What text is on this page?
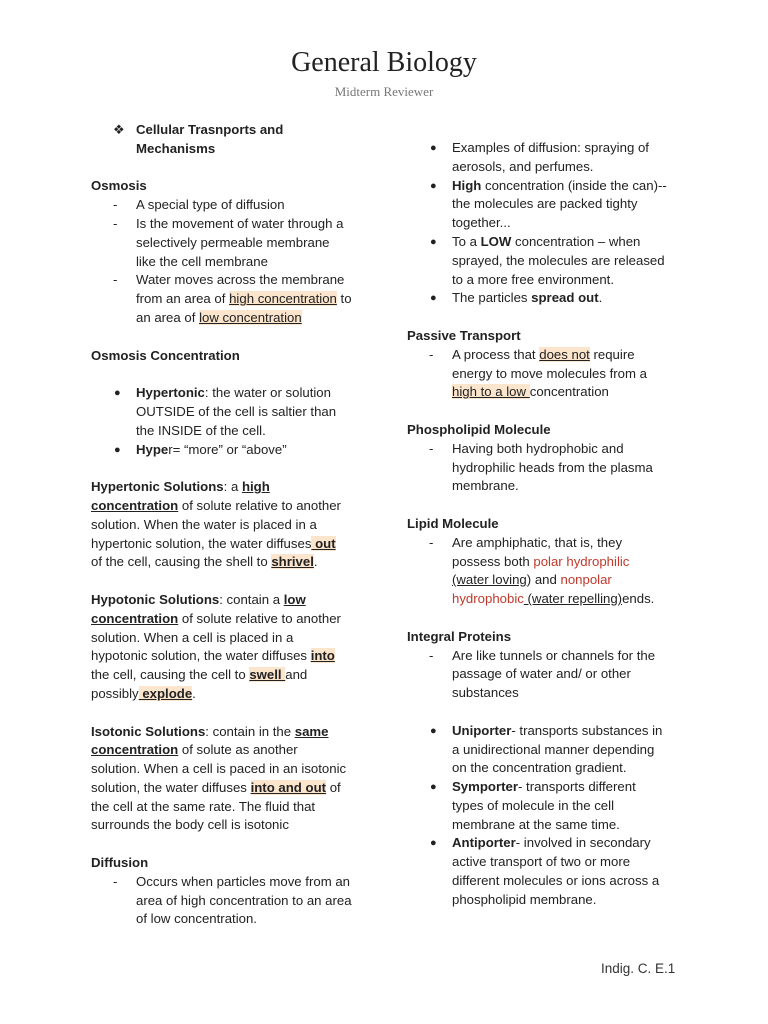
General Biology
Midterm Reviewer
❖ Cellular Trasnports and
Mechanisms
Osmosis
-	A special type of diffusion
-	Is the movement of water through a
selectively permeable membrane
like the cell membrane
-	Water moves across the membrane
from an area of high concentration to
an area of low concentration
Osmosis Concentration
●	Hypertonic: the water or solution
OUTSIDE of the cell is saltier than
the INSIDE of the cell.
●	Hyper= “more” or “above”
Hypertonic Solutions: a high
concentration of solute relative to another
solution. When the water is placed in a
hypertonic solution, the water diffuses out
of the cell, causing the shell to shrivel.
Hypotonic Solutions: contain a low
concentration of solute relative to another
solution. When a cell is placed in a
hypotonic solution, the water diffuses into
the cell, causing the cell to swell and
possibly explode.
Isotonic Solutions: contain in the same
concentration of solute as another
solution. When a cell is paced in an isotonic
solution, the water diffuses into and out of
the cell at the same rate. The fluid that
surrounds the body cell is isotonic
Diffusion
-	Occurs when particles move from an
area of high concentration to an area
of low concentration.
●	Examples of diffusion: spraying of
aerosols, and perfumes.
●	High concentration (inside the can)--
the molecules are packed tighty
together...
●	To a LOW concentration – when
sprayed, the molecules are released
to a more free environment.
●	The particles spread out.
Passive Transport
-	A process that does not require
energy to move molecules from a
high to a low concentration
Phospholipid Molecule
-	Having both hydrophobic and
hydrophilic heads from the plasma
membrane.
Lipid Molecule
-	Are amphiphatic, that is, they
possess both polar hydrophilic
(water loving) and nonpolar
hydrophobic (water repelling)ends.
Integral Proteins
-	Are like tunnels or channels for the
passage of water and/ or other
substances
●	Uniporter- transports substances in
a unidirectional manner depending
on the concentration gradient.
●	Symporter- transports different
types of molecule in the cell
membrane at the same time.
●	Antiporter- involved in secondary
active transport of two or more
different molecules or ions across a
phospholipid membrane.
Indig. C. E.1
